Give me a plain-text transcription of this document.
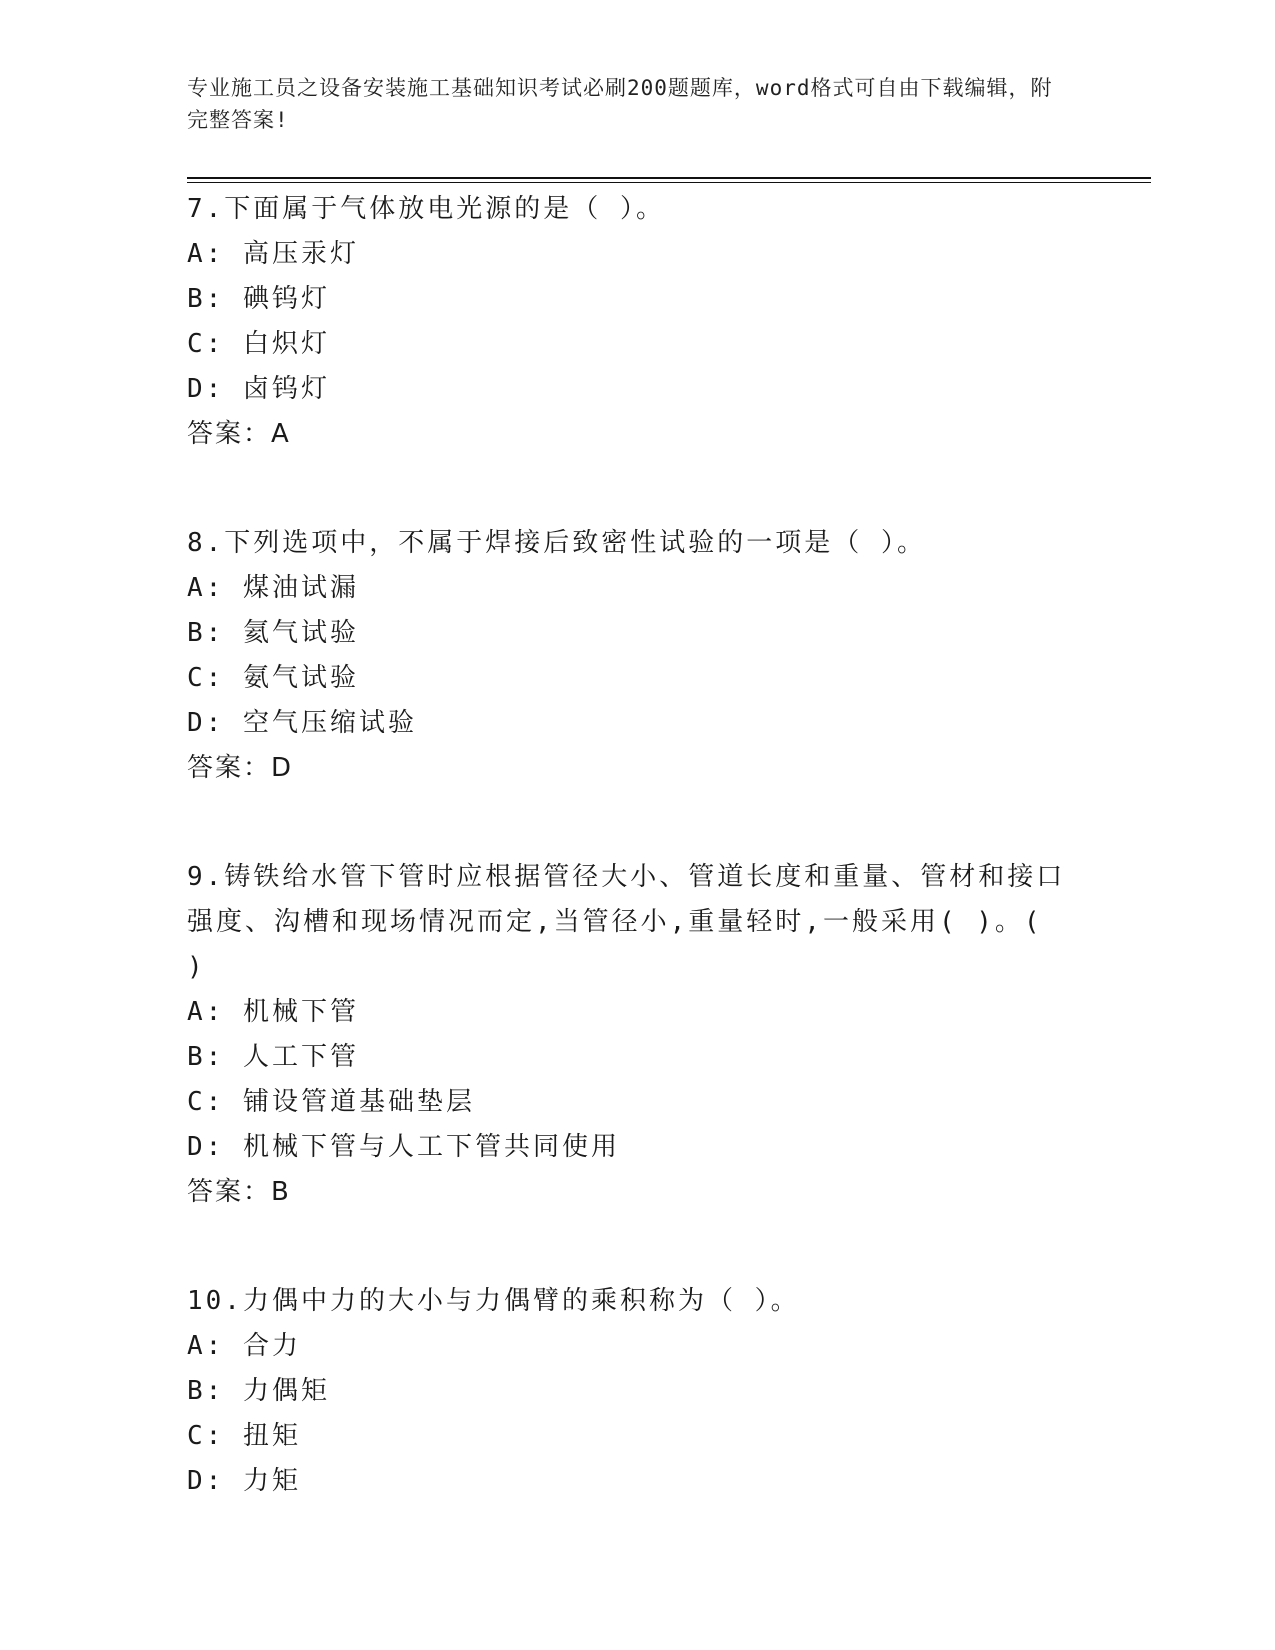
专业施工员之设备安装施工基础知识考试必刷200题题库，word格式可自由下载编辑，附完整答案!
7.下面属于气体放电光源的是（ ）。
A: 高压汞灯
B: 碘钨灯
C: 白炽灯
D: 卤钨灯
答案：A
8.下列选项中，不属于焊接后致密性试验的一项是（ ）。
A: 煤油试漏
B: 氦气试验
C: 氨气试验
D: 空气压缩试验
答案：D
9.铸铁给水管下管时应根据管径大小、管道长度和重量、管材和接口强度、沟槽和现场情况而定,当管径小,重量轻时,一般采用( )。( )
A: 机械下管
B: 人工下管
C: 铺设管道基础垫层
D: 机械下管与人工下管共同使用
答案：B
10.力偶中力的大小与力偶臂的乘积称为（ ）。
A: 合力
B: 力偶矩
C: 扭矩
D: 力矩
